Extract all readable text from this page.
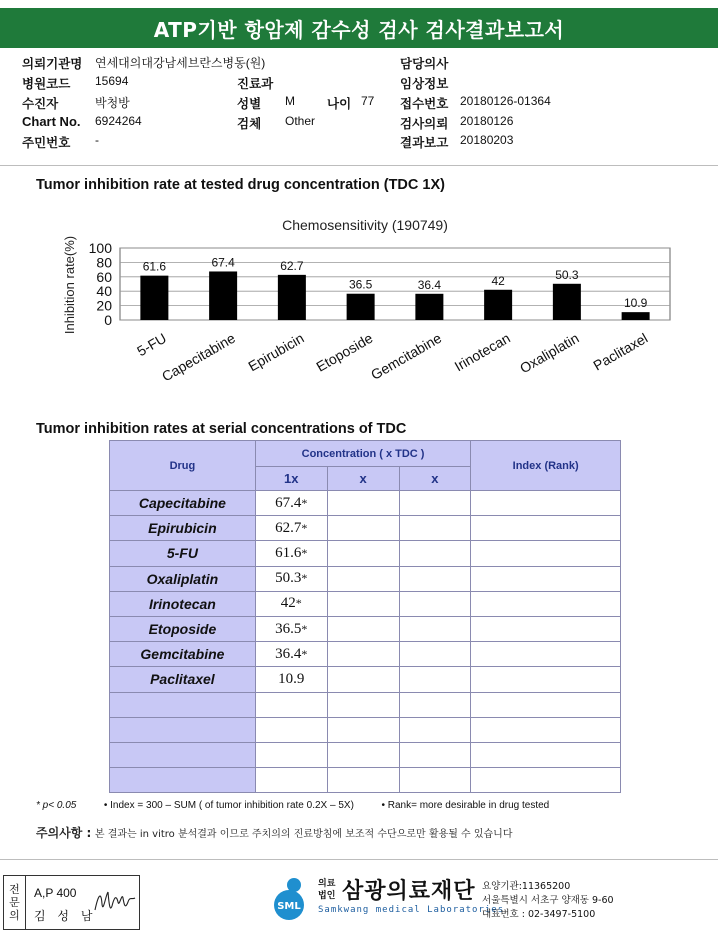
ATP기반 항암제 감수성 검사 검사결과보고서
의뢰기관명 연세대의대강남세브란스병동(원)	담당의사
병원코드 15694	진료과	임상정보
수진자	박청방	성별 M	나이 77 접수번호 20180126-01364
Chart No. 6924264	검체 Other	검사의뢰 20180126
주민번호 -	결과보고 20180203
Tumor inhibition rate at tested drug concentration (TDC 1X)
Chemosensitivity (190749)
Inhibition rate(%)	61.6	67.4	62.7
36.5	36.4	42	50.3
10.9
0
20
40
60
80
100
5-FU
Capecitabine Epirubicin Etoposide
Gemcitabine Irinotecan Oxaliplatin Paclitaxel
Tumor inhibition rates at serial concentrations of TDC
Drug	Concentration ( x TDC )			Index (Rank)
	1x	x	x	
Capecitabine	67.4*			
Epirubicin	62.7*			
5-FU	61.6*			
Oxaliplatin	50.3*			
Irinotecan	42*			
Etoposide	36.5*			
Gemcitabine	36.4*			
Paclitaxel	10.9			

* p< 0.05	• Index = 300 – SUM ( of tumor inhibition rate 0.2X – 5X)	• Rank= more desirable in drug tested
주의사항 : 본 결과는 in vitro 분석결과 이므로 주치의의 진료방침에 보조적 수단으로만 활용될 수 있습니다
전
문
의
A,P 400
김 성 남
SML
의료
법인 삼광의료재단
Samkwang medical Laboratories
요양기관:11365200
서울특별시 서초구 양재동 9-60
대표번호 : 02-3497-5100
